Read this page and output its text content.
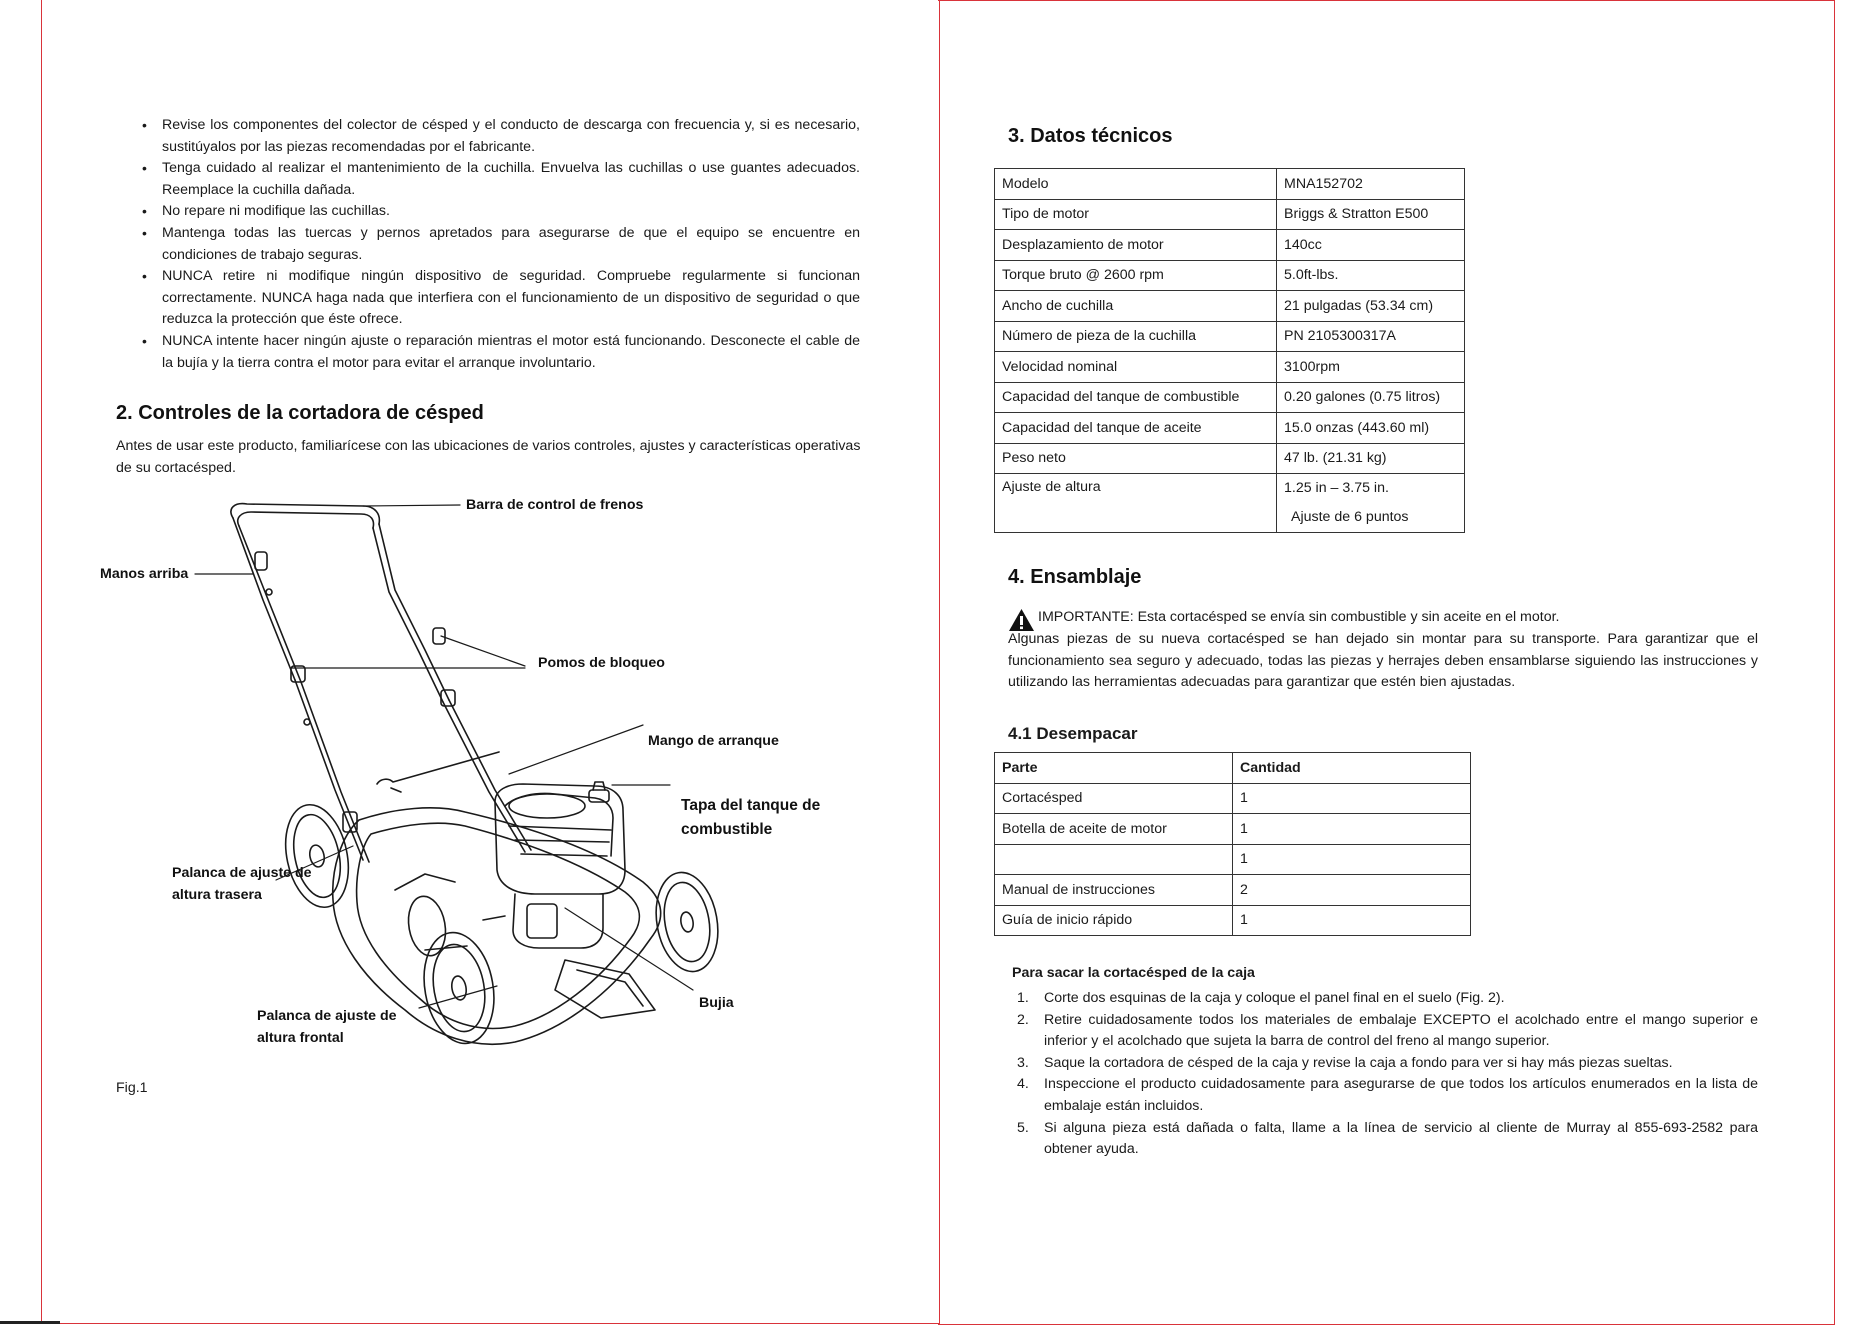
• Revise los componentes del colector de césped y el conducto de descarga con frecuencia y, si es necesario, sustitúyalos por las piezas recomendadas por el fabricante.
• Tenga cuidado al realizar el mantenimiento de la cuchilla. Envuelva las cuchillas o use guantes adecuados. Reemplace la cuchilla dañada.
• No repare ni modifique las cuchillas.
• Mantenga todas las tuercas y pernos apretados para asegurarse de que el equipo se encuentre en condiciones de trabajo seguras.
• NUNCA retire ni modifique ningún dispositivo de seguridad. Compruebe regularmente si funcionan correctamente. NUNCA haga nada que interfiera con el funcionamiento de un dispositivo de seguridad o que reduzca la protección que éste ofrece.
• NUNCA intente hacer ningún ajuste o reparación mientras el motor está funcionando. Desconecte el cable de la bujía y la tierra contra el motor para evitar el arranque involuntario.
2. Controles de la cortadora de césped

Antes de usar este producto, familiarícese con las ubicaciones de varios controles, ajustes y características operativas de su cortacésped.

Barra de control de frenos
Manos arriba
Pomos de bloqueo
Mango de arranque
Tapa del tanque de
combustible
Palanca de ajuste de
altura trasera
Bujia
Palanca de ajuste de
altura frontal
Fig.1
3. Datos técnicos
Modelo	MNA152702
Tipo de motor	Briggs & Stratton E500
Desplazamiento de motor	140cc
Torque bruto @ 2600 rpm	5.0ft-lbs.
Ancho de cuchilla	21 pulgadas (53.34 cm)
Número de pieza de la cuchilla	PN 2105300317A
Velocidad nominal	3100rpm
Capacidad del tanque de combustible	0.20 galones (0.75 litros)
Capacidad del tanque de aceite	15.0 onzas (443.60 ml)
Peso neto	47 lb. (21.31 kg)
Ajuste de altura	1.25 in – 3.75 in.
Ajuste de 6 puntos
4. Ensamblaje

IMPORTANTE: Esta cortacésped se envía sin combustible y sin aceite en el motor.

Algunas piezas de su nueva cortacésped se han dejado sin montar para su transporte. Para garantizar que el funcionamiento sea seguro y adecuado, todas las piezas y herrajes deben ensamblarse siguiendo las instrucciones y utilizando las herramientas adecuadas para garantizar que estén bien ajustadas.

4.1 Desempacar
Parte	Cantidad
Cortacésped	1
Botella de aceite de motor	1
	1
Manual de instrucciones	2
Guía de inicio rápido	1
Para sacar la cortacésped de la caja
1. Corte dos esquinas de la caja y coloque el panel final en el suelo (Fig. 2).
2. Retire cuidadosamente todos los materiales de embalaje EXCEPTO el acolchado entre el mango superior e inferior y el acolchado que sujeta la barra de control del freno al mango superior.
3. Saque la cortadora de césped de la caja y revise la caja a fondo para ver si hay más piezas sueltas.
4. Inspeccione el producto cuidadosamente para asegurarse de que todos los artículos enumerados en la lista de embalaje están incluidos.
5. Si alguna pieza está dañada o falta, llame a la línea de servicio al cliente de Murray al 855-693-2582 para obtener ayuda.
